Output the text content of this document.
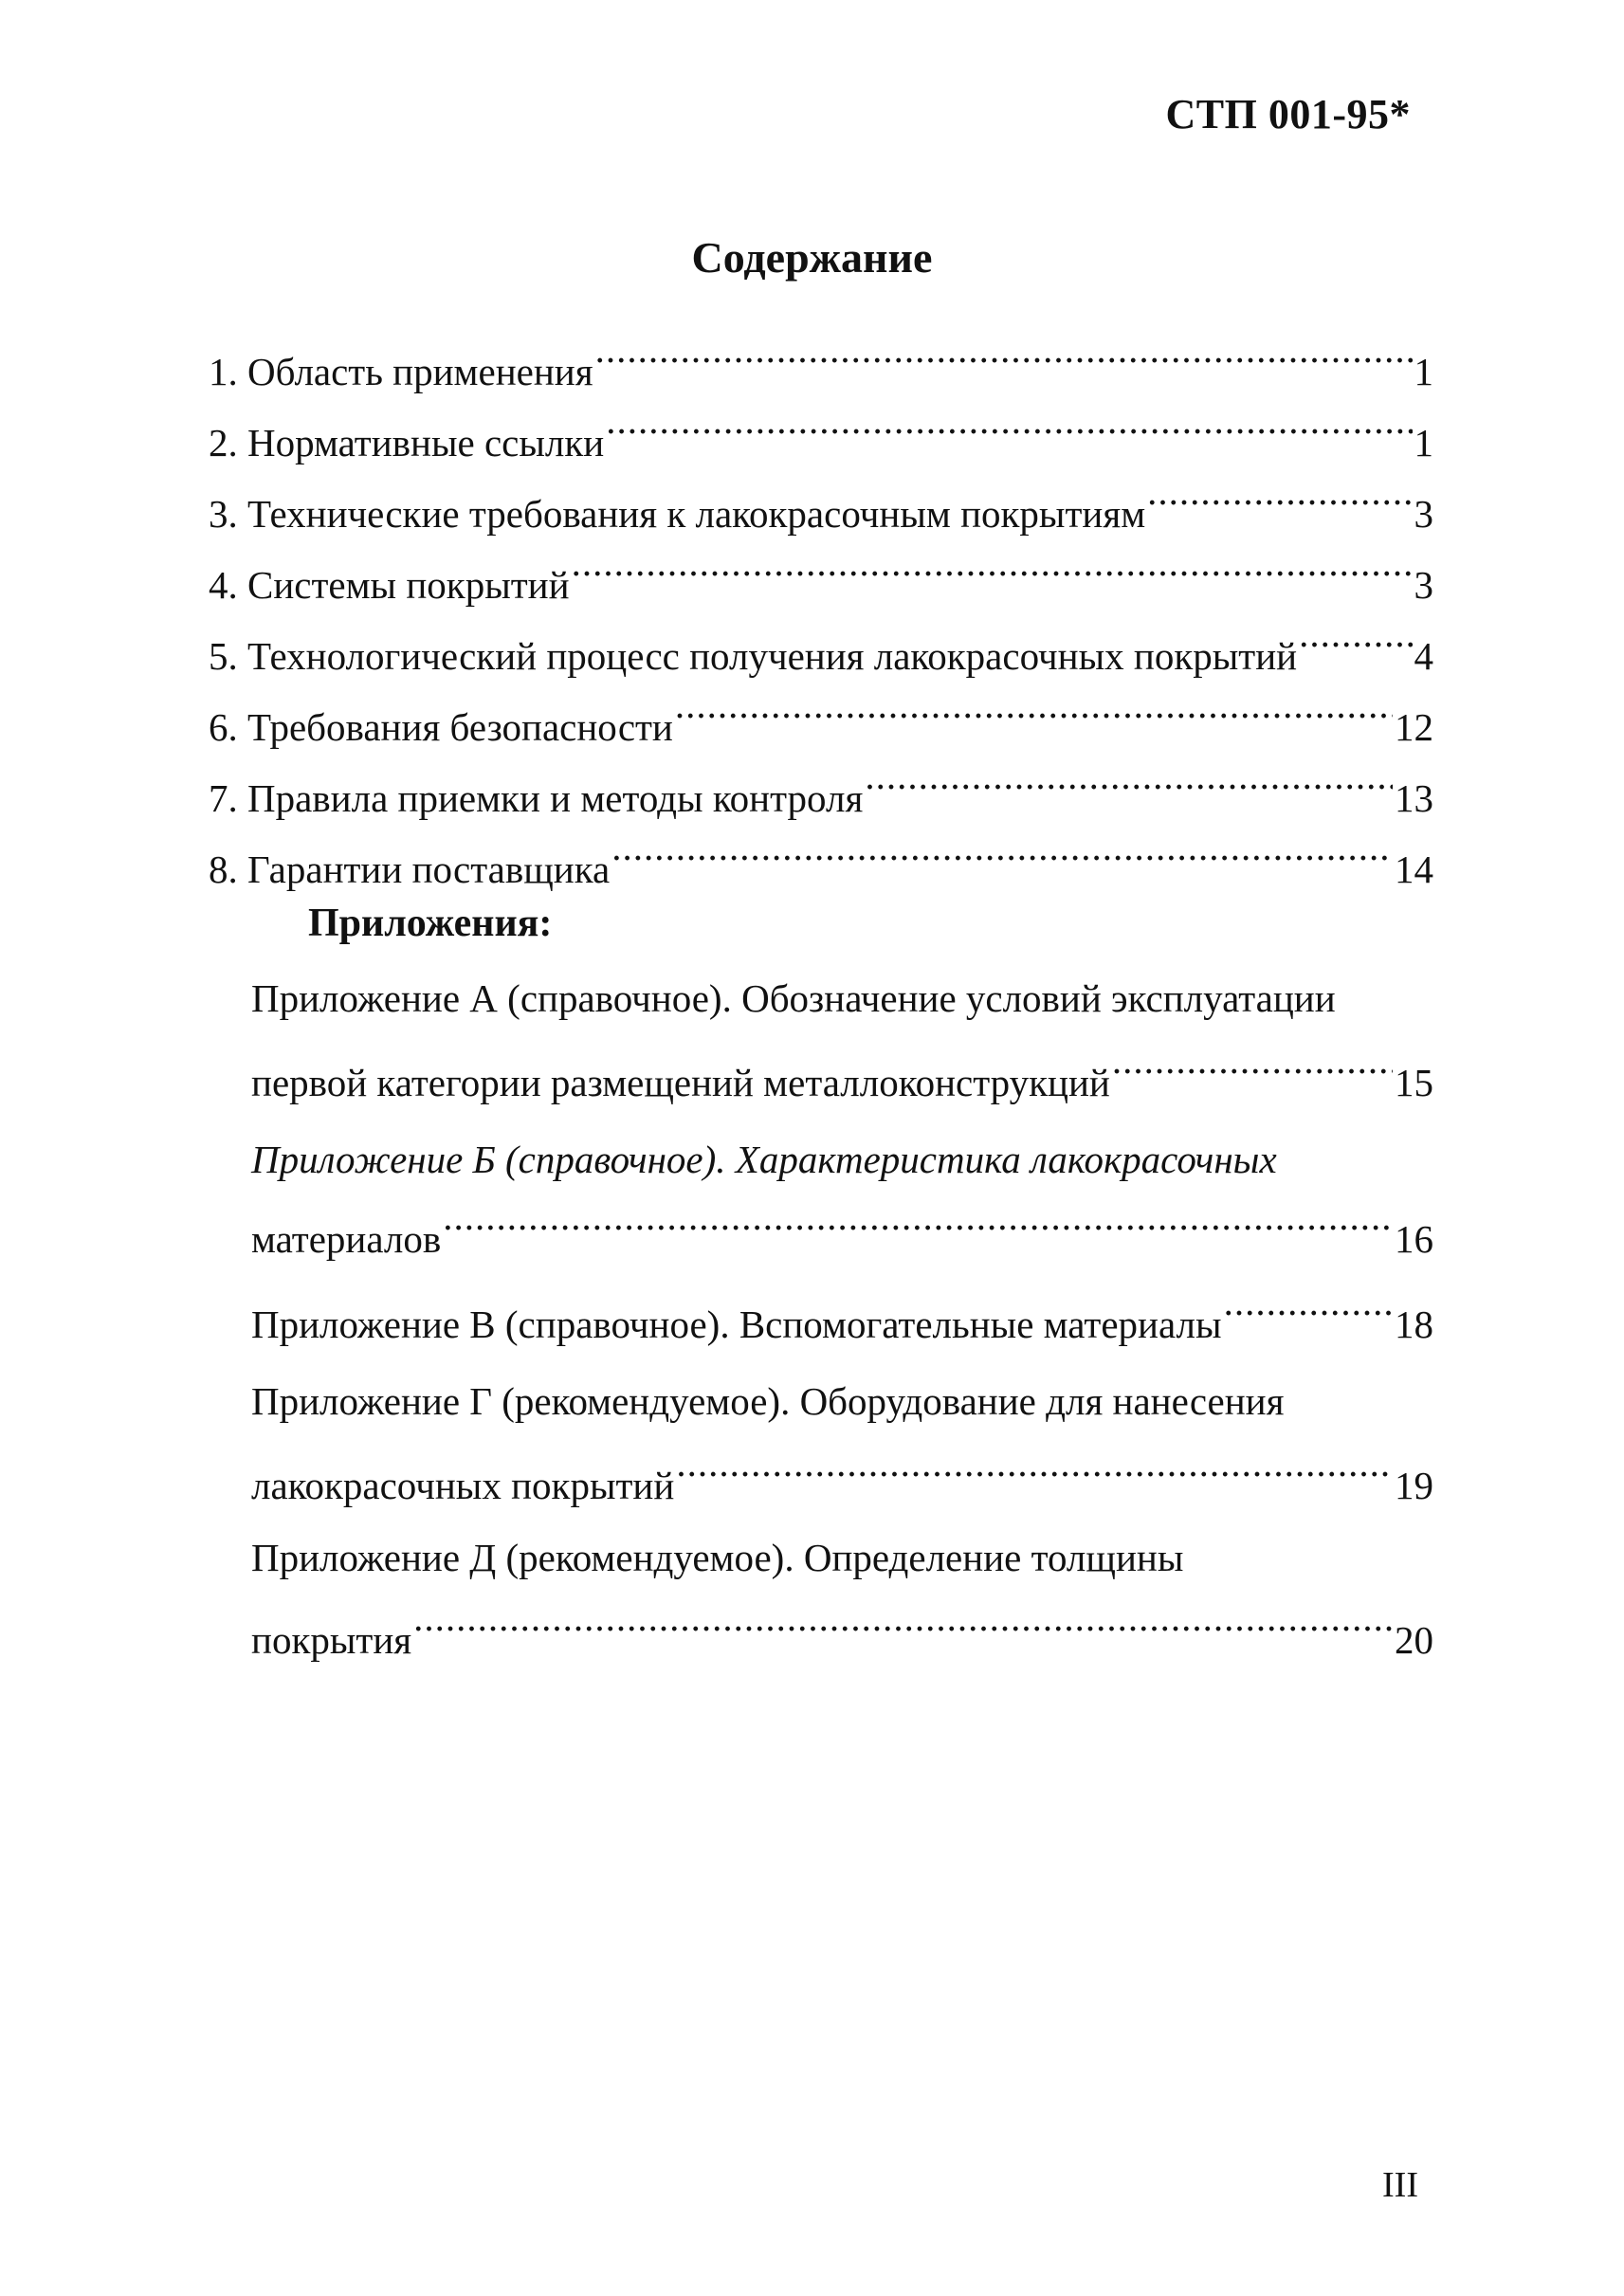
СТП 001-95*
Содержание
1. Область применения .....	1
2. Нормативные ссылки .....	1
3. Технические требования к лакокрасочным покрытиям .....	3
4. Системы покрытий .....	3
5. Технологический процесс получения лакокрасочных покрытий .....	4
6. Требования безопасности .....	12
7. Правила приемки и методы контроля .....	13
8. Гарантии поставщика .....	14
Приложения:
Приложение А (справочное). Обозначение условий эксплуатации
первой категории размещений металлоконструкций .....	15
Приложение Б (справочное). Характеристика лакокрасочных
материалов .....	16
Приложение В (справочное). Вспомогательные материалы .....	18
Приложение Г (рекомендуемое). Оборудование для нанесения
лакокрасочных покрытий .....	19
Приложение Д (рекомендуемое). Определение толщины
покрытия .....	20
III
